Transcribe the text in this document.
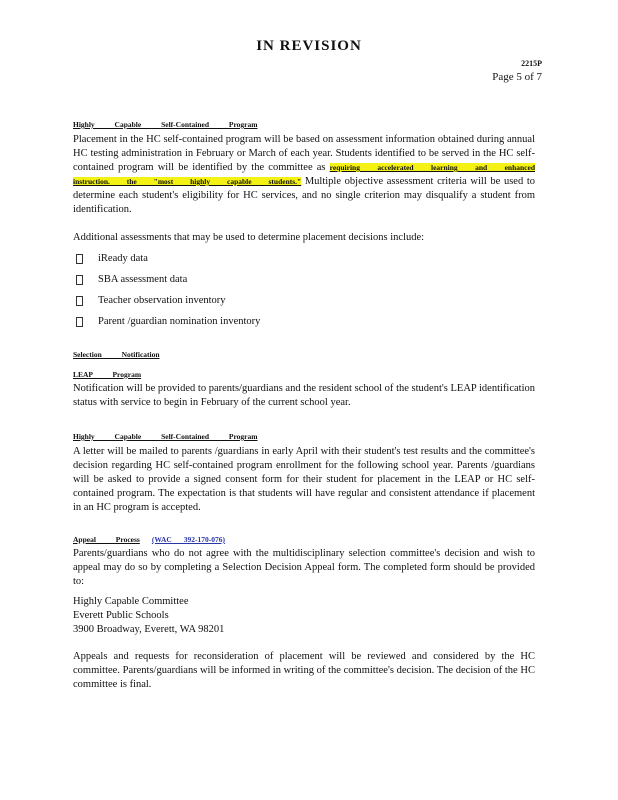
IN REVISION
2215P
Page 5 of 7
Highly Capable Self-Contained Program

Placement in the HC self-contained program will be based on assessment information obtained during annual HC testing administration in February or March of each year. Students identified to be served in the HC self-contained program will be identified by the committee as requiring accelerated learning and enhanced instruction. the "most highly capable students." Multiple objective assessment criteria will be used to determine each student's eligibility for HC services, and no single criterion may disqualify a student from identification.

Additional assessments that may be used to determine placement decisions include:
iReady data
SBA assessment data
Teacher observation inventory
Parent /guardian nomination inventory
Selection Notification
LEAP Program

Notification will be provided to parents/guardians and the resident school of the student's LEAP identification status with service to begin in February of the current school year.

Highly Capable Self-Contained Program

A letter will be mailed to parents /guardians in early April with their student's test results and the committee's decision regarding HC self-contained program enrollment for the following school year. Parents /guardians will be asked to provide a signed consent form for their student for placement in the LEAP or HC self-contained program. The expectation is that students will have regular and consistent attendance if placement in an HC program is accepted.

Appeal Process (WAC 392-170-076)

Parents/guardians who do not agree with the multidisciplinary selection committee's decision and wish to appeal may do so by completing a Selection Decision Appeal form. The completed form should be provided to:

Highly Capable Committee
Everett Public Schools
3900 Broadway, Everett, WA 98201

Appeals and requests for reconsideration of placement will be reviewed and considered by the HC committee. Parents/guardians will be informed in writing of the committee's decision. The decision of the HC committee is final.
